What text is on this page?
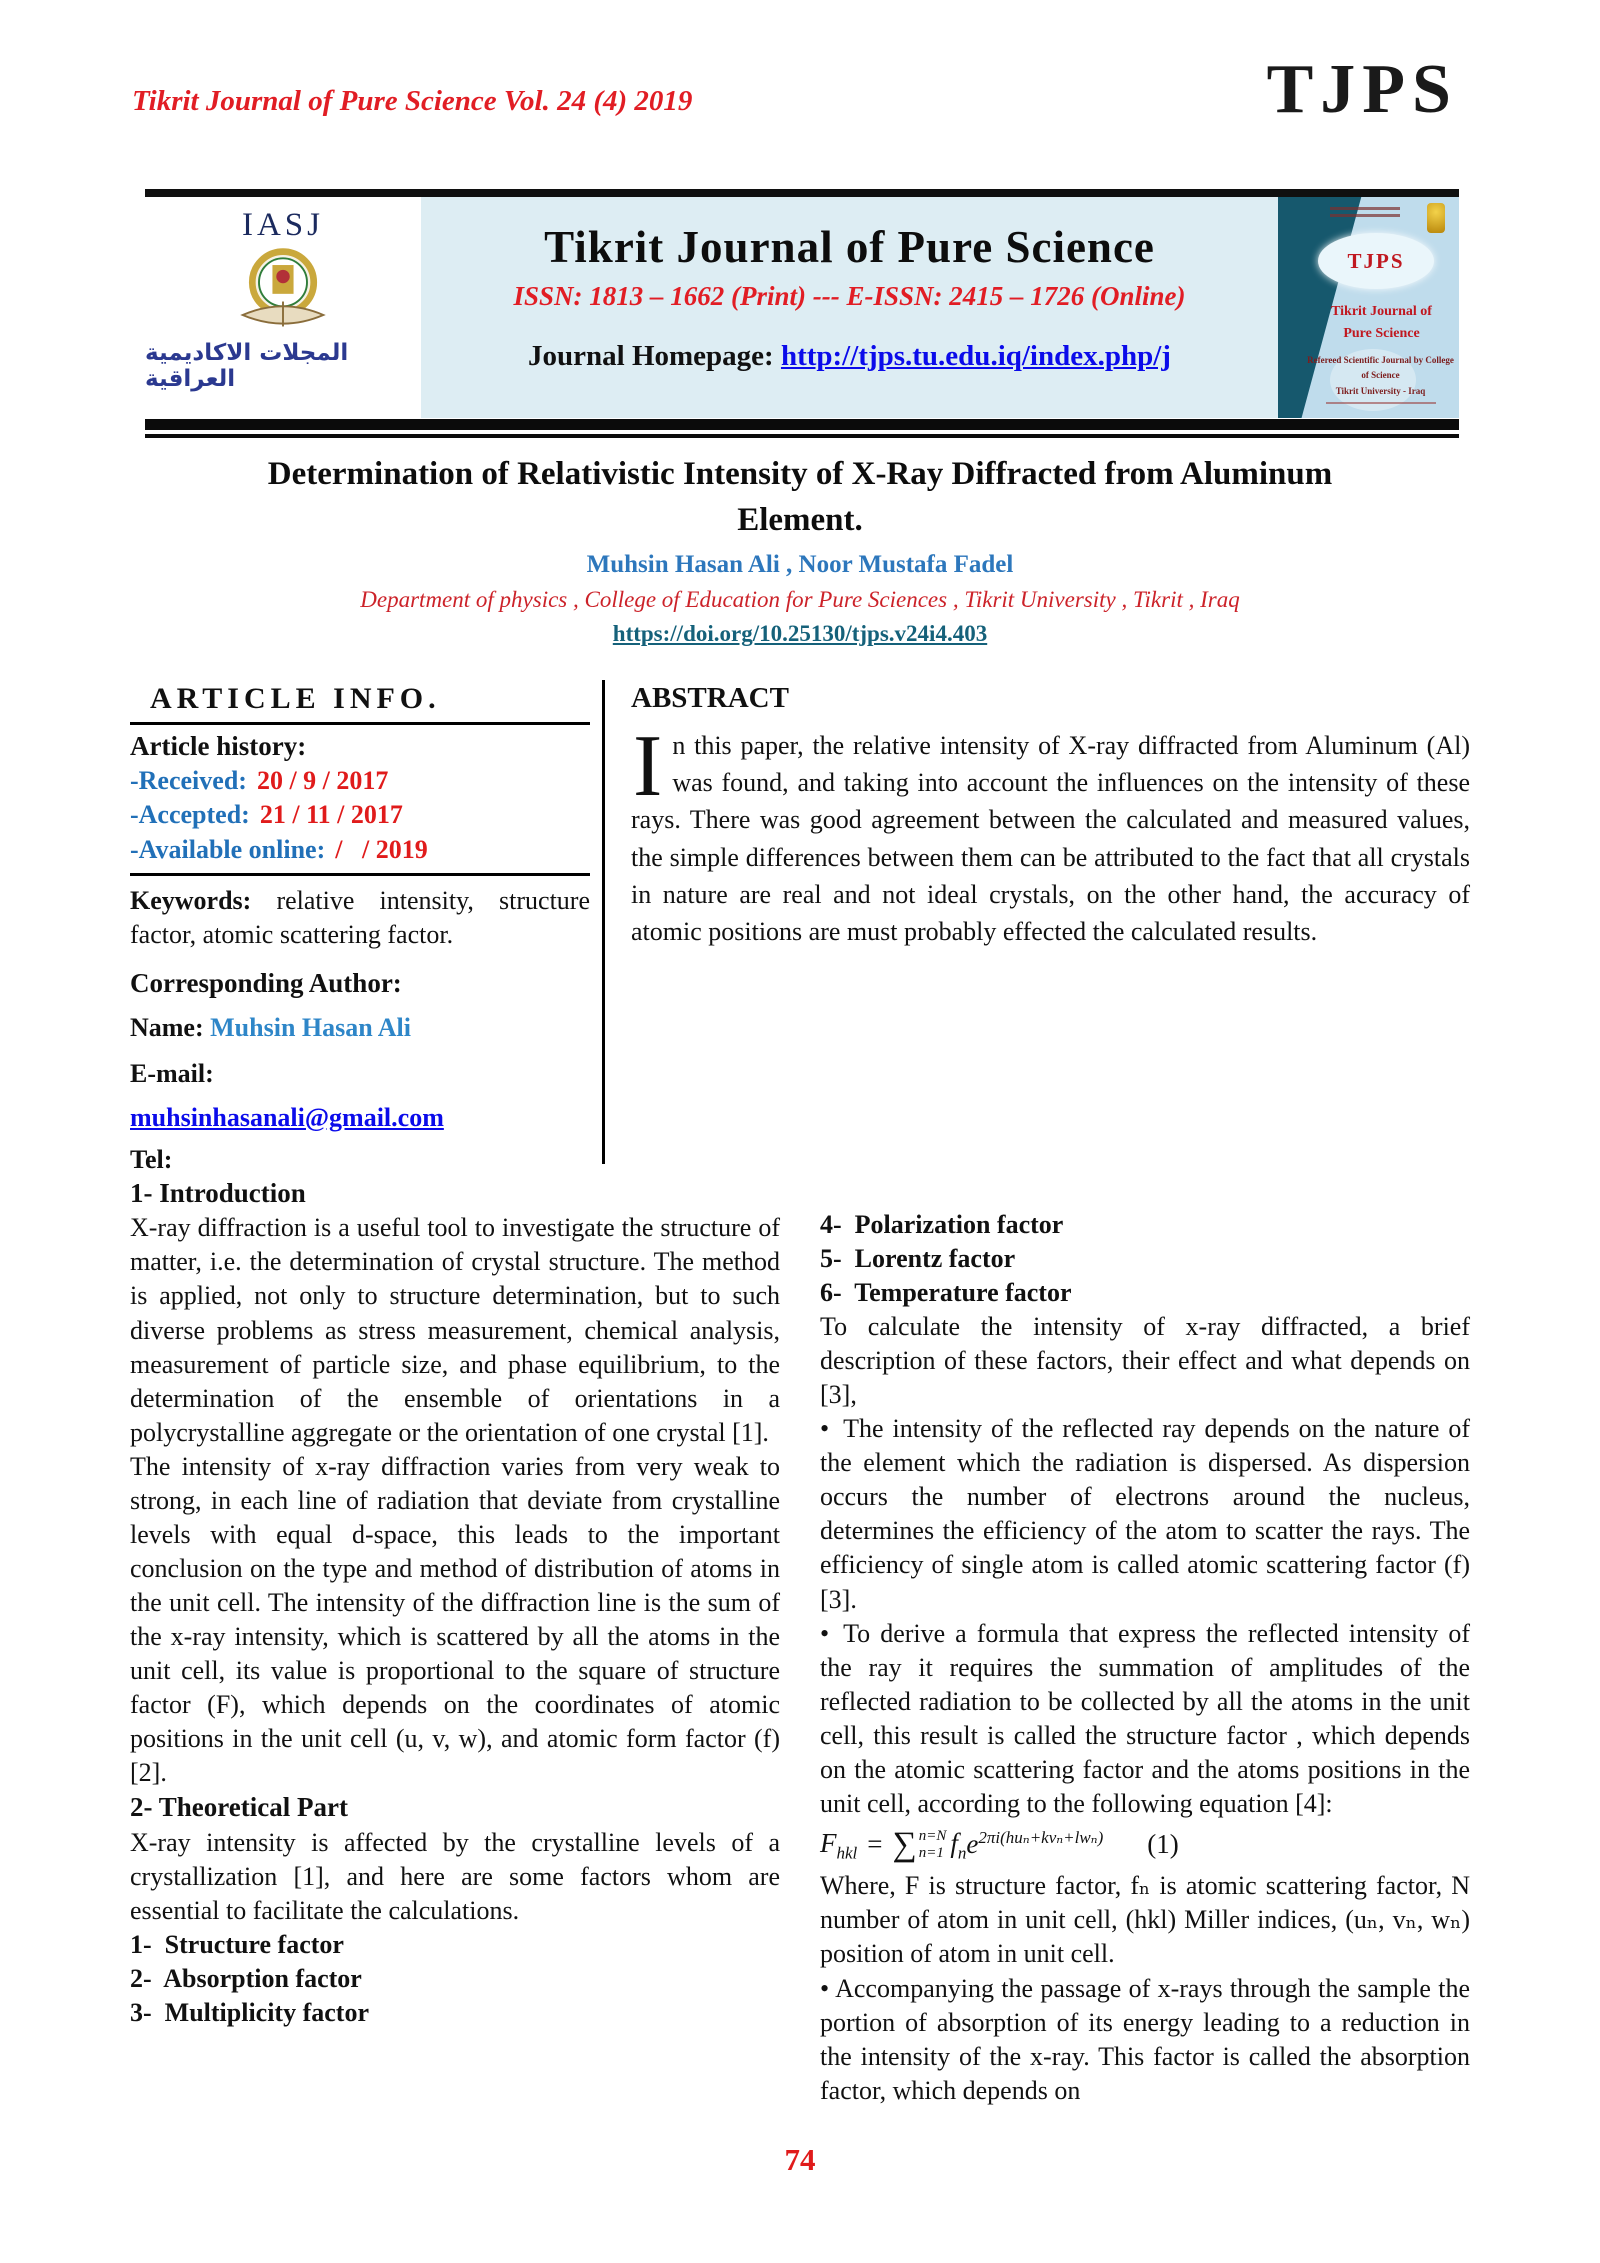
Tikrit Journal of Pure Science Vol. 24 (4) 2019	TJPS
IASJ
المجلات الاكاديمية العراقية
Tikrit Journal of Pure Science
ISSN: 1813 – 1662 (Print) --- E-ISSN: 2415 – 1726 (Online)
Journal Homepage: http://tjps.tu.edu.iq/index.php/j
TJPS
Tikrit Journal of
Pure Science
Refereed Scientific Journal by College of Science
Tikrit University - Iraq
Determination of Relativistic Intensity of X-Ray Diffracted from Aluminum
Element.
Muhsin Hasan Ali , Noor Mustafa Fadel
Department of physics , College of Education for Pure Sciences , Tikrit University , Tikrit , Iraq
https://doi.org/10.25130/tjps.v24i4.403
ARTICLE INFO.
Article history:
-Received: 20 / 9 / 2017
-Accepted: 21 / 11 / 2017
-Available online: /   / 2019

Keywords: relative intensity, structure factor, atomic scattering factor.

Corresponding Author:
Name: Muhsin Hasan Ali
E-mail:
muhsinhasanali@gmail.com
Tel:
ABSTRACT

In this paper, the relative intensity of X-ray diffracted from Aluminum (Al) was found, and taking into account the influences on the intensity of these rays. There was good agreement between the calculated and measured values, the simple differences between them can be attributed to the fact that all crystals in nature are real and not ideal crystals, on the other hand, the accuracy of atomic positions are must probably effected the calculated results.

1- Introduction

X-ray diffraction is a useful tool to investigate the structure of matter, i.e. the determination of crystal structure. The method is applied, not only to structure determination, but to such diverse problems as stress measurement, chemical analysis, measurement of particle size, and phase equilibrium, to the determination of the ensemble of orientations in a polycrystalline aggregate or the orientation of one crystal [1].

The intensity of x-ray diffraction varies from very weak to strong, in each line of radiation that deviate from crystalline levels with equal d-space, this leads to the important conclusion on the type and method of distribution of atoms in the unit cell. The intensity of the diffraction line is the sum of the x-ray intensity, which is scattered by all the atoms in the unit cell, its value is proportional to the square of structure factor (F), which depends on the coordinates of atomic positions in the unit cell (u, v, w), and atomic form factor (f) [2].

2- Theoretical Part

X-ray intensity is affected by the crystalline levels of a crystallization [1], and here are some factors whom are essential to facilitate the calculations.

1-  Structure factor

2-  Absorption factor

3-  Multiplicity factor

4-  Polarization factor

5-  Lorentz factor

6-  Temperature factor

To calculate the intensity of x-ray diffracted, a brief description of these factors, their effect and what depends on [3],

• The intensity of the reflected ray depends on the nature of the element which the radiation is dispersed. As dispersion occurs the number of electrons around the nucleus, determines the efficiency of the atom to scatter the rays. The efficiency of single atom is called atomic scattering factor (f) [3].

• To derive a formula that express the reflected intensity of the ray it requires the summation of amplitudes of the reflected radiation to be collected by all the atoms in the unit cell, this result is called the structure factor , which depends on the atomic scattering factor and the atoms positions in the unit cell, according to the following equation [4]:

$F_{hkl}$ = ∑ n=N
n=1 $f_n$ $e^{2\pi i(hu_n+kv_n+lw_n)}$ (1)

Where, F is structure factor, fₙ is atomic scattering factor, N number of atom in unit cell, (hkl) Miller indices, (uₙ, vₙ, wₙ) position of atom in unit cell.

• Accompanying the passage of x-rays through the sample the portion of absorption of its energy leading to a reduction in the intensity of the x-ray. This factor is called the absorption factor, which depends on

74
